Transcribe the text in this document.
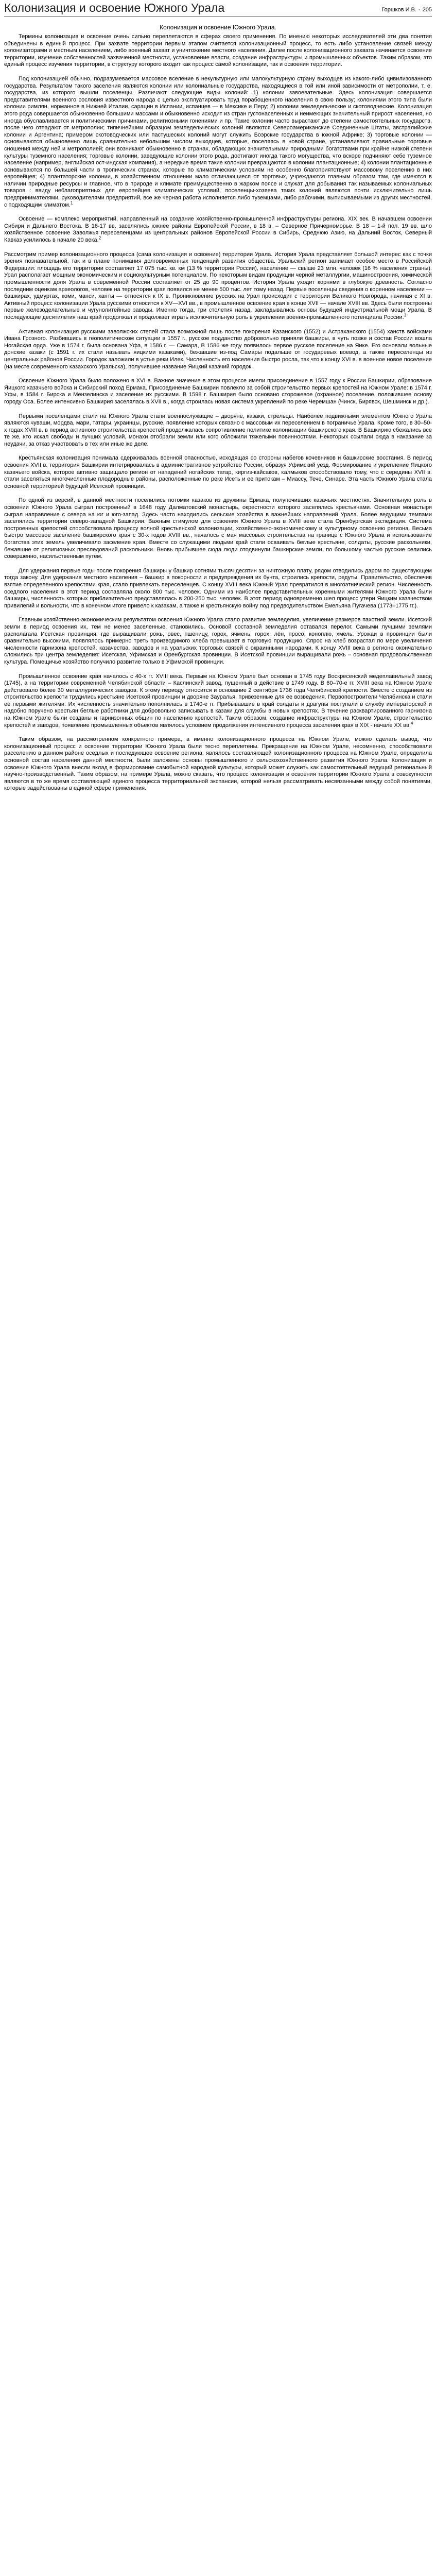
Колонизация и освоение Южного Урала	Горшков И.В. - 205
Колонизация и освоение Южного Урала.

Термины колонизация и освоение очень сильно переплетаются в сферах своего применения. По мнению некоторых исследователей эти два понятия объединены в единый процесс. При захвате территории первым этапом считается колонизационный процесс, то есть либо установление связей между колонизаторами и местным населением, либо военный захват и уничтожение местного населения. Далее после колонизационного захвата начинается освоение территории, изучение собственностей захваченной местности, установление власти, создание инфраструктуры и промышленных объектов. Таким образом, это единый процесс изучения территории, в структуру которого входит как процесс самой колонизации, так и освоения территории.

Под колонизацией обычно, подразумевается массовое вселение в некультурную или малокультурную страну выходцев из какого-либо цивилизованного государства. Результатом такого заселения являются колонии или колониальные государства, находящиеся в той или иной зависимости от метрополии, т. е. государства, из которого вышли поселенцы. Различают следующие виды колоний: 1) колонии завоевательные. Здесь колонизация совершается представителями военного сословия известного народа с целью эксплуатировать труд порабощенного населения в свою пользу; колониями этого типа были колонии римлян, норманнов в Нижней Италии, сарацин в Испании, испанцев — в Мексике и Перу; 2) колонии земледельческие и скотоводческие. Колонизация этого рода совершается обыкновенно большими массами и обыкновенно исходит из стран густонаселенных и неимеющих значительный прирост населения, но иногда обуславливается и политическими причинами, религиозными гонениями и пр. Такие колонии часто вырастают до степени самостоятельных государств, после чего отпадают от метрополии; типичнейшим образцом земледельческих колоний являются Североамериканские Соединенные Штаты, австралийские колонии и Аргентина; примером скотоводческих или пастушеских колоний могут служить Боэрские государства в южной Африке; 3) торговые колонии — основываются обыкновенно лишь сравнительно небольшим числом выходцев, которые, поселяясь в новой стране, устанавливают правильные торговые сношения между ней и метрополией; они возникают обыкновенно в странах, обладающих значительными природными богатствами при крайне низкой степени культуры туземного населения; торговые колонии, заведующие колонии этого рода, достигают иногда такого могущества, что вскоре подчиняют себе туземное население (например, английская ост-индская компания), а нередкие время такие колонии превращаются в колонии плантационные; 4) колонии плантационные основываются по большей части в тропических странах, которые по климатическим условиям не особенно благоприятствуют массовому поселению в них европейцев; 4) плантаторские колонии, в хозяйственном отношении мало отличающиеся от торговых, учреждаются главным образом там, где имеются в наличии природные ресурсы и главное, что в природе и климате преимущественно в жарком поясе и служат для добывания так называемых колониальных товаров : ввиду неблагоприятных для европейцев климатических условий, поселенцы-хозяева таких колоний являются почти исключительно лишь предпринимателями, руководителями предприятий, все же черная работа исполняется либо туземцами, либо рабочими, выписываемыми из других местностей, с подходящим климатом.$^1$

Освоение — комплекс мероприятий, направленный на создание хозяйственно-промышленной инфраструктуры региона. XIX век. В начавшем освоении Сибири и Дальнего Востока. В 16-17 вв. заселялись южнее районы Европейской России, в 18 в. – Северное Причерноморье. В 18 – 1-й пол. 19 вв. шло хозяйственное освоение Заволжья переселенцами из центральных районов Европейской России в Сибирь, Среднюю Азию, на Дальний Восток, Северный Кавказ усилилось в начале 20 века.$^2$

Рассмотрим пример колонизационного процесса (сама колонизация и освоение) территории Урала. История Урала представляет большой интерес как с точки зрения познавательной, так и в плане понимания долговременных тенденций развития общества. Уральский регион занимает особое место в Российской Федерации: площадь его территории составляет 17 075 тыс. кв. км (13 % территории России), население — свыше 23 млн. человек (16 % населения страны). Урал располагает мощным экономическим и социокультурным потенциалом. По некоторым видам продукции черной металлургии, машиностроения, химической промышленности доля Урала в современной России составляет от 25 до 90 процентов. История Урала уходит корнями в глубокую древность. Согласно последним оценкам археологов, человек на территории края появился не менее 500 тыс. лет тому назад. Первые поселенцы сведения о коренном населении — башкирах, удмуртах, коми, манси, ханты — относятся к IX в. Проникновение русских на Урал происходит с территории Великого Новгорода, начиная с XI в. Активный процесс колонизации Урала русскими относится к XV—XVI вв., в промышленное освоение края в конце XVII — начале XVIII вв. Здесь были построены первые железоделательные и чугунолитейные заводы. Именно тогда, три столетия назад, закладывались основы будущей индустриальной мощи Урала. В последующие десятилетия наш край продолжал и продолжает играть исключительную роль в укреплении военно-промышленного потенциала России.$^3$

Активная колонизация русскими заволжских степей стала возможной лишь после покорения Казанского (1552) и Астраханского (1554) ханств войсками Ивана Грозного. Разбившись в геополитическом ситуации в 1557 г., русское подданство добровольно приняли башкиры, в чуть позже и состав России вошла Ногайская орда. Уже в 1574 г. была основана Уфа, в 1586 г. — Самара, В 1586 же году появилось первое русское поселение на Яике. Его основали вольные донские казаки (с 1591 г. их стали называть яицкими казаками), бежавшие из-под Самары подальше от государевых воевод, а также переселенцы из центральных районов России. Городок заложили в устье реки Илек. Численность его населения быстро росла, так что к концу XVI в. в военное новое поселение (на месте современного казахского Уральска), получившее название Яицкий казачий городок.

Освоение Южного Урала было положено в XVI в. Важное значение в этом процессе имели присоединение в 1557 году к России Башкирии, образование Яицкого казачьего войска и Сибирский поход Ермака. Присоединение Башкирии повлекло за собой строительство первых крепостей на Южном Урале: в 1574 г. Уфы, в 1584 г. Бирска и Мензелинска и заселение их русскими. В 1598 г. Башкирия было основано сторожевое (охранное) поселение, положившее основу городу Оса. Более интенсивно Башкирия заселялась в XVII в., когда строилась новая система укреплений по реке Черемшан (Чинск, Бирявск, Шешминск и др.).

Первыми поселенцами стали на Южного Урала стали военнослужащие – дворяне, казаки, стрельцы. Наиболее подвижными элементом Южного Урала являются чуваши, мордва, мари, татары, украинцы, русские, появление которых связано с массовым их переселением в пограничье Урала. Кроме того, в 30–50-х годах XVIII в. в период активного строительства крепостей продолжалась сопротивление политике колонизации башкирского края. В Башкирию сбежались все те же, кто искал свободы и лучших условий, монахи отобрали земли или кого обложили тяжелыми повинностями. Некоторых ссылали сюда в наказание за неудачи, за отказ участвовать в тех или иные же деле.

Крестьянская колонизация понимала сдерживалась военной опасностью, исходящая со стороны набегов кочевников и башкирские восстания. В период освоения XVII в. территория Башкирии интегрировалась в административное устройство России, образуя Уфимский уезд. Формирование и укрепление Яицкого казачьего войска, которое активно защищало регион от нападений ногайских татар, киргиз-кайсаков, калмыков способствовало тому, что с середины XVII в. стали заселяться многочисленные плодородные районы, расположенные по реке Исеть и ее притокам – Миассу, Тече, Синаре. Эта часть Южного Урала стала основной территорией будущей Исетской провинции.

По одной из версий, в данной местности поселились потомки казаков из дружины Ермака, полупочивших казачьих местностях. Значительную роль в освоении Южного Урала сыграл построенный в 1648 году Далматовский монастырь, окрестности которого заселялись крестьянами. Основная монастыря сыграл направление с севера на юг и юго-запад. Здесь часто находились сельские хозяйства в важнейших направлений Урала. Более ведущими темпами заселялись территории северо-западной Башкирии. Важным стимулом для освоения Южного Урала в XVIII веке стала Оренбургская экспедиция. Система построенных крепостей способствовала процессу волной крестьянской колонизации, хозяйственно-экономическому и культурному освоению региона. Весьма быстро массовое заселение башкирского края с 30-х годов XVIII вв., началось с мая массовых строительства на границе с Южного Урала и использование богатства этих земель увеличивало заселение края. Вместе со служащими людьми край стали осваивать беглые крестьяне, солдаты, русские раскольники, бежавшие от религиозных преследований раскольники. Вновь прибывшее сюда люди отодвинули башкирские земли, по большому частью русские селились совершенно, насильственным путем.

Для удержания первые годы после покорения башкиры у башкир сотнями тысяч десятин за ничтожную плату, рядом отводились даром по существующем тогда закону. Для удержания местного населения – башкир в покорности и предупреждения их бунта, строились крепости, редуты. Правительство, обеспечив взятие определенного крепостями края, стало привлекать переселенцев. С концу XVIII века Южный Урал превратился в многоэтнический регион. Численность оседлого населения в этот период составляла около 800 тыс. человек. Одними из наиболее представительных коренными жителями Южного Урала были башкиры, численность которых приблизительно представлялась в 200-250 тыс. человек. В этот период одновременно шел процесс утери Яицким казачеством привилегий и вольности, что в конечном итоге привело к казакам, а также и крестьянскую войну под предводительством Емельяна Пугачева (1773–1775 гг.).

Главным хозяйственно-экономическим результатом освоения Южного Урала стало развитие земледелия, увеличение размеров пахотной земли. Исетский земли в период освоения их, тем не менее заселенные, становились. Основой составной земледелия оставался перелог. Самыми лучшими землями располагала Исетская провинция, где выращивали рожь, овес, пшеницу, горох, ячмень, горох, лён, просо, коноплю, хмель. Урожаи в провинции были сравнительно высокими, появлялось примерно треть производимого хлеба превышает в торговую продукцию. Спрос на хлеб возрастал по мере увеличения численности гарнизона крепостей, казачества, заводов и на уральских торговых связей с окраинными народами. К концу XVIII века в регионе окончательно сложились три центра земледелия: Исетская, Уфимская и Оренбургская провинции. В Исетской провинции выращивали рожь – основная продовольственная культура. Помещичье хозяйство получило развитие только в Уфимской провинции.

Промышленное освоение края началось с 40-х гг. XVIII века. Первым на Южном Урале был основан в 1745 году Воскресенский медеплавильный завод (1745), а на территории современной Челябинской области – Каслинский завод, пущенный в действие в 1749 году. В 60–70-е гг. XVIII века на Южном Урале действовало более 30 металлургических заводов. К этому периоду относится и основание 2 сентября 1736 года Челябинской крепости. Вместе с созданием из строительство крепости трудились крестьяне Исетской провинции и дворяне Зауралья, привезенные для ее возведения. Первопостроители Челябинска и стали ее первыми жителями. Их численность значительно пополнилась в 1740-е гг. Прибывавшие в край солдаты и драгуны поступали в службу императорской и надобно поручено крестьян беглые работники для добровольно записывать в казаки для службы в новых крепостях. В течение расквартированного гарнизона на Южном Урале были созданы и гарнизонных общин по населению крепостей. Таким образом, создание инфраструктуры на Южном Урале, строительство крепостей и заводов, появление промышленных объектов являлось условием продолжения интенсивного процесса заселения края в XIX - начале XX вв.$^4$

Таким образом, на рассмотренном конкретного примера, а именно колонизационного процесса на Южном Урале, можно сделать вывод, что колонизационный процесс и освоение территории Южного Урала были тесно переплетены. Прекращение на Южном Урале, несомненно, способствовали расселению в данном районе оседлых и последующее освоение региона, являлось составляющей колонизационного процесса на Южном Урале, определила основной состав населения данной местности, были заложены основы промышленного и сельскохозяйственного развития Южного Урала. Колонизация и освоение Южного Урала внесли вклад в формирование самобытной народной культуры, который может служить как самостоятельный ведущий региональный научно-производственный. Таким образом, на примере Урала, можно сказать, что процесс колонизации и освоения территории Южного Урала в совокупности являются в то же время составляющей единого процесса территориальной экспансии, которой нельзя рассматривать несвязанными между собой понятиями, которые задействованы в единой сфере применения.
